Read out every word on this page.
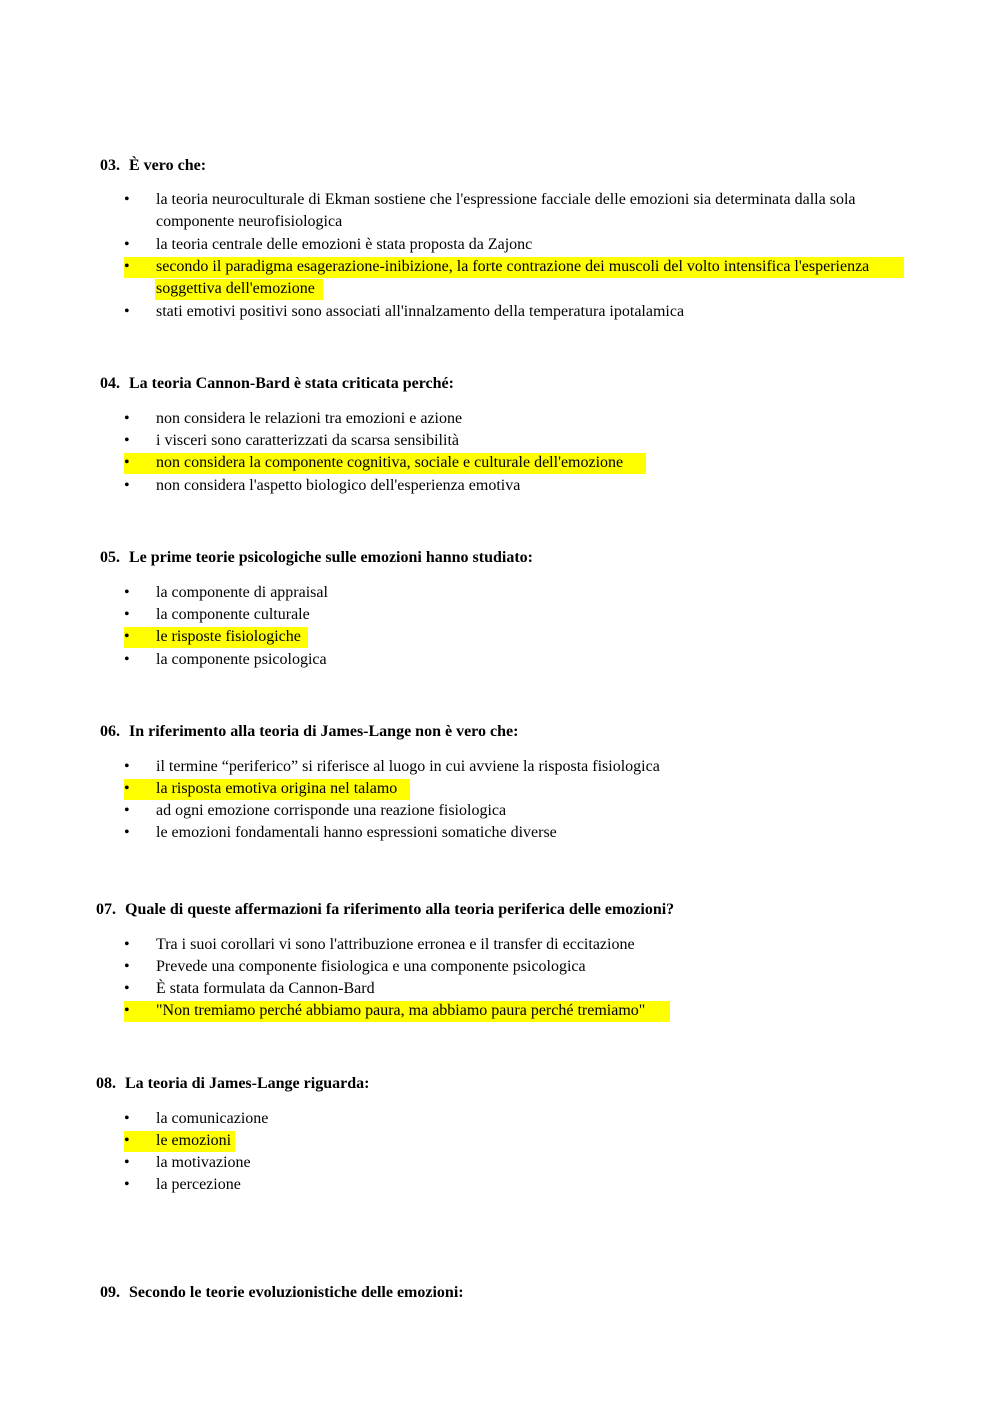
03. È vero che:
• la teoria neuroculturale di Ekman sostiene che l'espressione facciale delle emozioni sia determinata dalla sola componente neurofisiologica
• la teoria centrale delle emozioni è stata proposta da Zajonc
• secondo il paradigma esagerazione-inibizione, la forte contrazione dei muscoli del volto intensifica l'esperienza soggettiva dell'emozione
• stati emotivi positivi sono associati all'innalzamento della temperatura ipotalamica
04. La teoria Cannon-Bard è stata criticata perché:
• non considera le relazioni tra emozioni e azione
• i visceri sono caratterizzati da scarsa sensibilità
• non considera la componente cognitiva, sociale e culturale dell'emozione
• non considera l'aspetto biologico dell'esperienza emotiva
05. Le prime teorie psicologiche sulle emozioni hanno studiato:
• la componente di appraisal
• la componente culturale
• le risposte fisiologiche
• la componente psicologica
06. In riferimento alla teoria di James-Lange non è vero che:
• il termine “periferico” si riferisce al luogo in cui avviene la risposta fisiologica
• la risposta emotiva origina nel talamo
• ad ogni emozione corrisponde una reazione fisiologica
• le emozioni fondamentali hanno espressioni somatiche diverse
07. Quale di queste affermazioni fa riferimento alla teoria periferica delle emozioni?
• Tra i suoi corollari vi sono l'attribuzione erronea e il transfer di eccitazione
• Prevede una componente fisiologica e una componente psicologica
• È stata formulata da Cannon-Bard
• "Non tremiamo perché abbiamo paura, ma abbiamo paura perché tremiamo"
08. La teoria di James-Lange riguarda:
• la comunicazione
• le emozioni
• la motivazione
• la percezione
09. Secondo le teorie evoluzionistiche delle emozioni:
